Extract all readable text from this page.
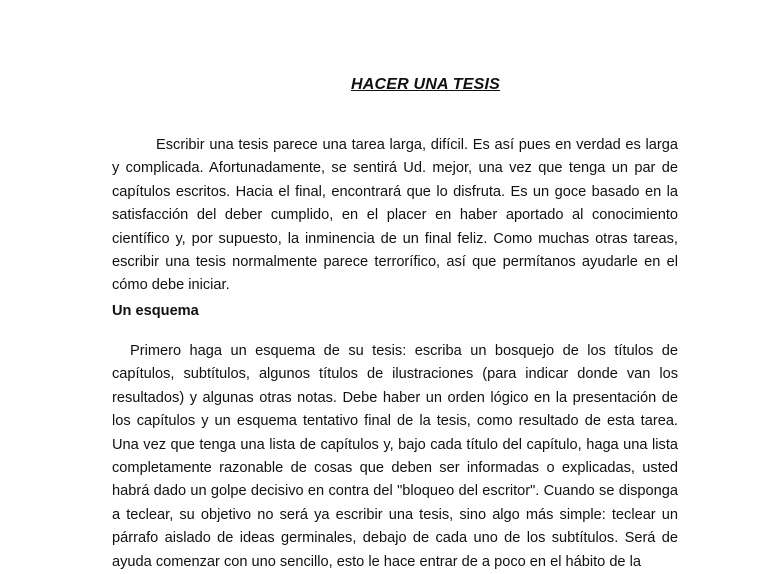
HACER UNA TESIS

Escribir una tesis parece una tarea larga, difícil. Es así pues en verdad es larga y complicada. Afortunadamente, se sentirá Ud. mejor, una vez que tenga un par de capítulos escritos. Hacia el final, encontrará que lo disfruta. Es un goce basado en la satisfacción del deber cumplido, en el placer en haber aportado al conocimiento científico y, por supuesto, la inminencia de un final feliz. Como muchas otras tareas, escribir una tesis normalmente parece terrorífico, así que permítanos ayudarle en el cómo debe iniciar.

Un esquema

Primero haga un esquema de su tesis: escriba un bosquejo de los títulos de capítulos, subtítulos, algunos títulos de ilustraciones (para indicar donde van los resultados) y algunas otras notas. Debe haber un orden lógico en la presentación de los capítulos y un esquema tentativo final de la tesis, como resultado de esta tarea. Una vez que tenga una lista de capítulos y, bajo cada título del capítulo, haga una lista completamente razonable de cosas que deben ser informadas o explicadas, usted habrá dado un golpe decisivo en contra del "bloqueo del escritor". Cuando se disponga a teclear, su objetivo no será ya escribir una tesis, sino algo más simple: teclear un párrafo aislado de ideas germinales, debajo de cada uno de los subtítulos. Será de ayuda comenzar con uno sencillo, esto le hace entrar de a poco en el hábito de la
